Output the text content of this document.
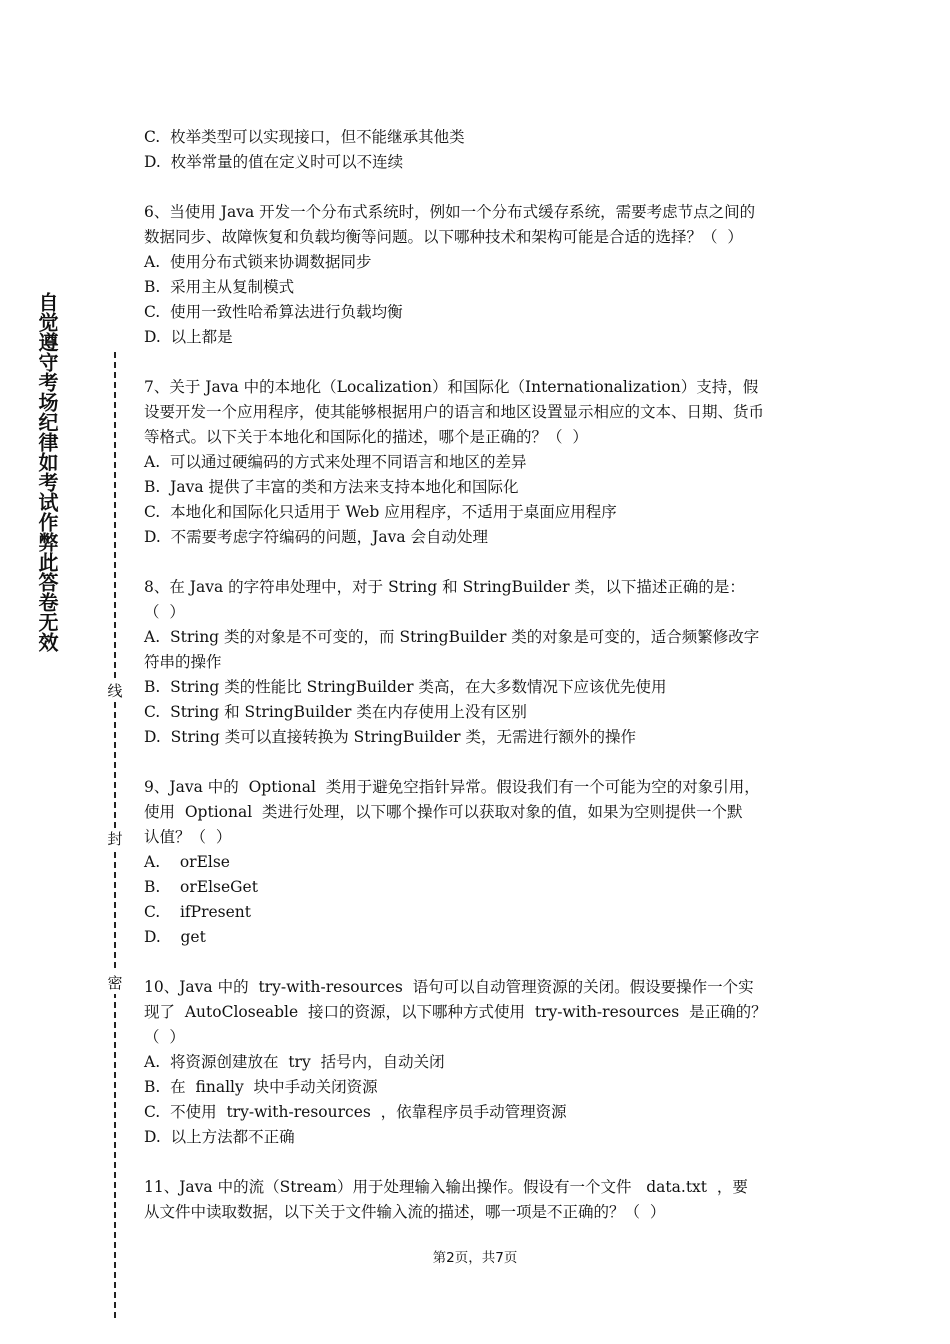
自觉遵守考场纪律如考试作弊此答卷无效
线
封
密
C.  枚举类型可以实现接口，但不能继承其他类
D.  枚举常量的值在定义时可以不连续
6、当使用 Java 开发一个分布式系统时，例如一个分布式缓存系统，需要考虑节点之间的
数据同步、故障恢复和负载均衡等问题。以下哪种技术和架构可能是合适的选择？（  ）
A.  使用分布式锁来协调数据同步
B.  采用主从复制模式
C.  使用一致性哈希算法进行负载均衡
D.  以上都是
7、关于 Java 中的本地化（Localization）和国际化（Internationalization）支持，假
设要开发一个应用程序，使其能够根据用户的语言和地区设置显示相应的文本、日期、货币
等格式。以下关于本地化和国际化的描述，哪个是正确的？（  ）
A.  可以通过硬编码的方式来处理不同语言和地区的差异
B.  Java 提供了丰富的类和方法来支持本地化和国际化
C.  本地化和国际化只适用于 Web 应用程序，不适用于桌面应用程序
D.  不需要考虑字符编码的问题，Java 会自动处理
8、在 Java 的字符串处理中，对于 String 和 StringBuilder 类，以下描述正确的是：
（  ）
A.  String 类的对象是不可变的，而 StringBuilder 类的对象是可变的，适合频繁修改字
符串的操作
B.  String 类的性能比 StringBuilder 类高，在大多数情况下应该优先使用
C.  String 和 StringBuilder 类在内存使用上没有区别
D.  String 类可以直接转换为 StringBuilder 类，无需进行额外的操作
9、Java 中的  Optional  类用于避免空指针异常。假设我们有一个可能为空的对象引用，
使用  Optional  类进行处理，以下哪个操作可以获取对象的值，如果为空则提供一个默
认值？（  ）
A.    orElse
B.    orElseGet
C.    ifPresent
D.    get
10、Java 中的  try-with-resources  语句可以自动管理资源的关闭。假设要操作一个实
现了  AutoCloseable  接口的资源，以下哪种方式使用  try-with-resources  是正确的？
（  ）
A.  将资源创建放在  try  括号内，自动关闭
B.  在  finally  块中手动关闭资源
C.  不使用  try-with-resources  ，依靠程序员手动管理资源
D.  以上方法都不正确
11、Java 中的流（Stream）用于处理输入输出操作。假设有一个文件   data.txt  ，要
从文件中读取数据，以下关于文件输入流的描述，哪一项是不正确的？（  ）
第2页，共7页
